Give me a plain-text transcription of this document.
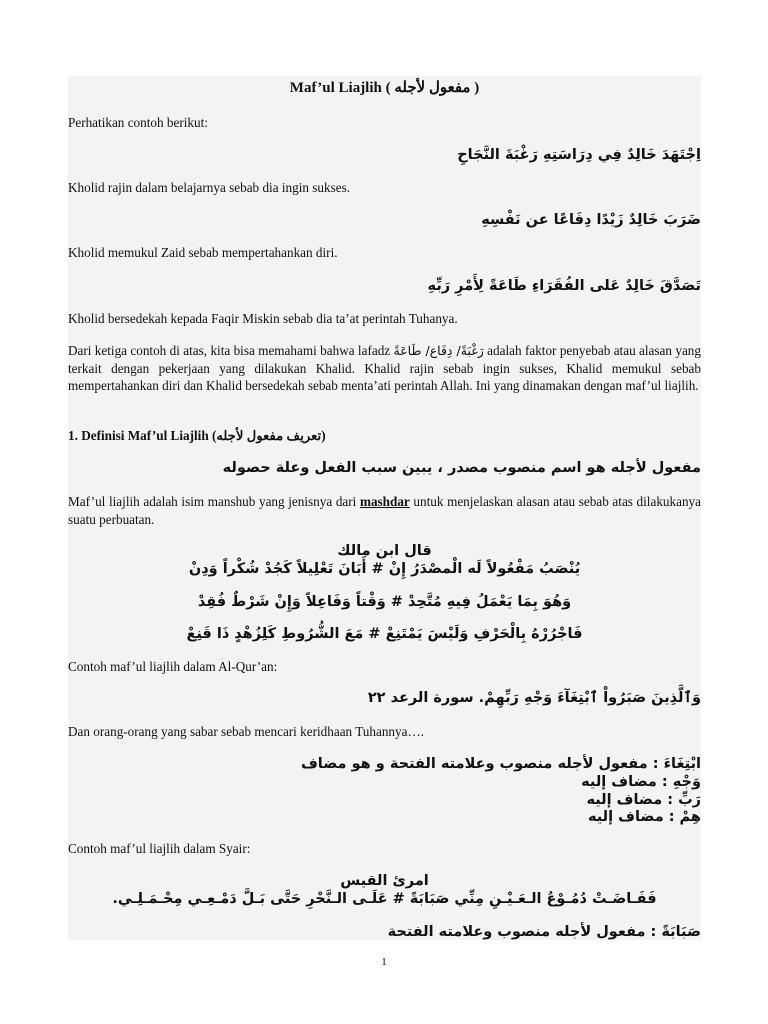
Maf’ul Liajlih ( مفعول لأجله )
Perhatikan contoh berikut:
اِجْتَهَدَ خَالِدٌ فِي دِرَاسَتِهِ رَغْبَةَ النَّجَاحِ
Kholid rajin dalam belajarnya sebab dia ingin sukses.
ضَرَبَ خَالِدٌ زَيْدًا دِفَاعًا عن نَفْسِهِ
Kholid memukul Zaid sebab mempertahankan diri.
تَصَدَّقَ خَالِدٌ عَلى الفُقَرَاءِ طَاعَةً لِأَمْرِ رَبِّهِ
Kholid bersedekah kepada Faqir Miskin sebab dia ta’at perintah Tuhanya.
Dari ketiga contoh di atas, kita bisa memahami bahwa lafadz رَغْبَةً/ دِفَاع/ طَاعَةً adalah faktor penyebab atau alasan yang terkait dengan pekerjaan yang dilakukan Khalid. Khalid rajin sebab ingin sukses, Khalid memukul sebab mempertahankan diri dan Khalid bersedekah sebab menta’ati perintah Allah. Ini yang dinamakan dengan maf’ul liajlih.
1. Definisi Maf’ul Liajlih (تعريف مفعول لأجله)
مفعول لأجله هو اسم منصوب مصدر ، يبين سبب الفعل وعلة حصوله
Maf’ul liajlih adalah isim manshub yang jenisnya dari mashdar untuk menjelaskan alasan atau sebab atas dilakukanya suatu perbuatan.
قال ابن مالك
يُنْصَبُ مَفْعُولاً لَه الْمصْدَرُ إِنْ # أَبَانَ تَعْلِيلاً كَجُدْ شُكْراً وَدِنْ
وَهُوَ بِمَا يَعْمَلُ فِيهِ مُتَّحِدْ # وَقْتاً وَفَاعِلاً وَإِنْ شَرْطٌ فُقِدْ
فَاجْرُرْهُ بِالْحَرْفِ وَلَيْسَ يَمْتَنِعْ # مَعَ الشُّرُوطِ كَلِزُهْدٍ ذَا قَنِعْ
Contoh maf’ul liajlih dalam Al-Qur’an:
وَٱلَّذِينَ صَبَرُواْ ٱبْتِغَآءَ وَجْهِ رَبِّهِمْ. سورة الرعد ٢٢
Dan orang-orang yang sabar sebab mencari keridhaan Tuhannya….
ابْتِغَاءَ : مفعول لأجله منصوب وعلامته الفتحة و هو مضاف
وَجْهِ : مضاف إليه
رَبِّ : مضاف إليه
هِمْ : مضاف إليه
Contoh maf’ul liajlih dalam Syair:
امرئ القيس
فَفَـاضَـتْ دُمُـوْعُ الـعَـيْـنِ مِنِّي صَبَابَةً # عَلَـى الـنَّحْرِ حَتَّى بَـلَّ دَمْـعِـي مِحْـمَـلِـي.
صَبَابَةً : مفعول لأجله منصوب وعلامته الفتحة
1
